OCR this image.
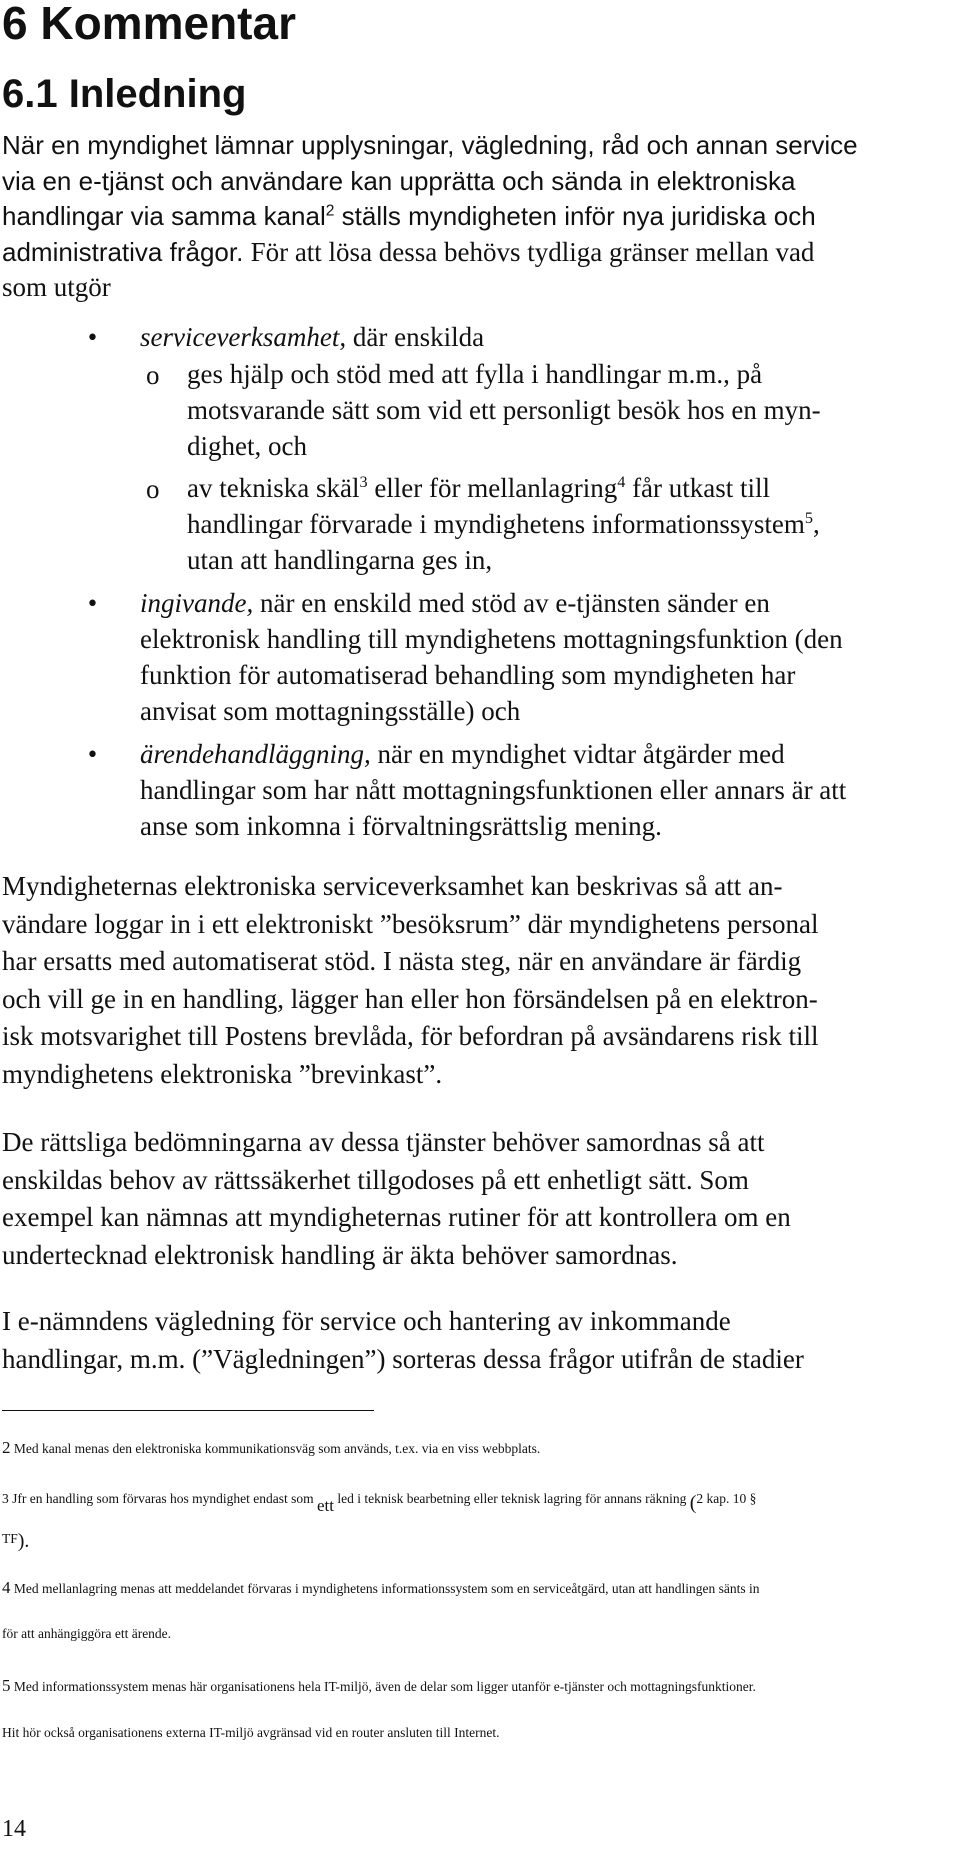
6 Kommentar
6.1 Inledning
När en myndighet lämnar upplysningar, vägledning, råd och annan service
via en e-tjänst och användare kan upprätta och sända in elektroniska
handlingar via samma kanal$^2$ ställs myndigheten inför nya juridiska och
administrativa frågor. För att lösa dessa behövs tydliga gränser mellan vad
som utgör
• serviceverksamhet, där enskilda
o ges hjälp och stöd med att fylla i handlingar m.m., på
motsvarande sätt som vid ett personligt besök hos en myn-
dighet, och
o av tekniska skäl$^3$ eller för mellanlagring$^4$ får utkast till
handlingar förvarade i myndighetens informationssystem$^5$,
utan att handlingarna ges in,
• ingivande, när en enskild med stöd av e-tjänsten sänder en
elektronisk handling till myndighetens mottagningsfunktion (den
funktion för automatiserad behandling som myndigheten har
anvisat som mottagningsställe) och
• ärendehandläggning, när en myndighet vidtar åtgärder med
handlingar som har nått mottagningsfunktionen eller annars är att
anse som inkomna i förvaltningsrättslig mening.
Myndigheternas elektroniska serviceverksamhet kan beskrivas så att an-
vändare loggar in i ett elektroniskt ”besöksrum” där myndighetens personal
har ersatts med automatiserat stöd. I nästa steg, när en användare är färdig
och vill ge in en handling, lägger han eller hon försändelsen på en elektron-
isk motsvarighet till Postens brevlåda, för befordran på avsändarens risk till
myndighetens elektroniska ”brevinkast”.
De rättsliga bedömningarna av dessa tjänster behöver samordnas så att
enskildas behov av rättssäkerhet tillgodoses på ett enhetligt sätt. Som
exempel kan nämnas att myndigheternas rutiner för att kontrollera om en
undertecknad elektronisk handling är äkta behöver samordnas.
I e-nämndens vägledning för service och hantering av inkommande
handlingar, m.m. (”Vägledningen”) sorteras dessa frågor utifrån de stadier
2 Med kanal menas den elektroniska kommunikationsväg som används, t.ex. via en viss webbplats.
3 Jfr en handling som förvaras hos myndighet endast som ett led i teknisk bearbetning eller teknisk lagring för annans räkning (2 kap. 10 §
TF).
4 Med mellanlagring menas att meddelandet förvaras i myndighetens informationssystem som en serviceåtgärd, utan att handlingen sänts in
för att anhängiggöra ett ärende.
5 Med informationssystem menas här organisationens hela IT-miljö, även de delar som ligger utanför e-tjänster och mottagningsfunktioner.
Hit hör också organisationens externa IT-miljö avgränsad vid en router ansluten till Internet.
14
